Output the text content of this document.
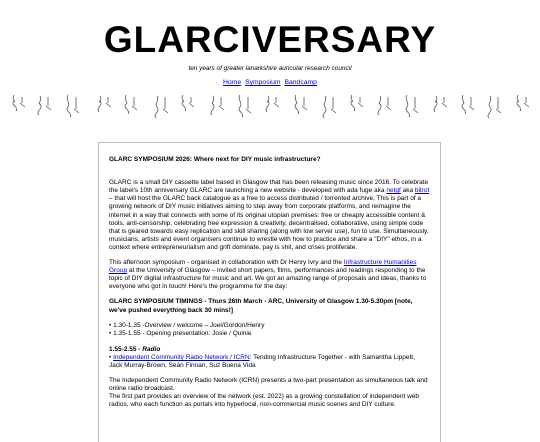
GLARCIVERSARY
ten years of greater lanarkshire auricular research council
Home Symposium Bandcamp

GLARC SYMPOSIUM 2026: Where next for DIY music infrastructure?

GLARC is a small DIY cassette label based in Glasgow that has been releasing music since 2016. To celebrate the label's 10th anniversary GLARC are launching a new website - developed with ada fuge aka netgf aka bitrot – that will host the GLARC back catalogue as a free to access distributed / torrented archive. This is part of a growing network of DIY music initiatives aiming to step away from corporate platforms, and reimagine the internet in a way that connects with some of its original utopian premises: free or cheaply accessible content & tools, anti-censorship, celebrating free expression & creativity, decentralised, collaborative, using simple code that is geared towards easy replication and skill sharing (along with low server use), fun to use. Simultaneously, musicians, artists and event organisers continue to wrestle with how to practice and share a "DIY" ethos, in a context where entrepreneurialism and grift dominate, pay is shit, and crises proliferate.

This afternoon symposium - organised in collaboration with Dr Henry Ivry and the Infrastructure Humanities Group at the University of Glasgow – invited short papers, films, performances and readings responding to the topic of DIY digital infrastructure for music and art. We got an amazing range of proposals and ideas, thanks to everyone who got in touch! Here's the programme for the day:

GLARC SYMPOSIUM TIMINGS - Thurs 26th March - ARC, University of Glasgow 1.30-5.30pm [note, we've pushed everything back 30 mins!]

• 1.30-1.35 -Overview / welcome – Joel/Gordon/Henry
• 1.35-1.55 - Opening presentation: Josie / Quinie

1.55-2.55 - Radio
• Independent Community Radio Network / ICRN: Tending Infrastructure Together - with Samantha Lippett, Jack Murray-Brown, Seán Finnan, Suz Buena Vida

The Independent Community Radio Network (ICRN) presents a two-part presentation as simultaneous talk and online radio broadcast.
The first part provides an overview of the network (est. 2022) as a growing constellation of independent web radios, who each function as portals into hyperlocal, non-commercial music scenes and DIY culture.
